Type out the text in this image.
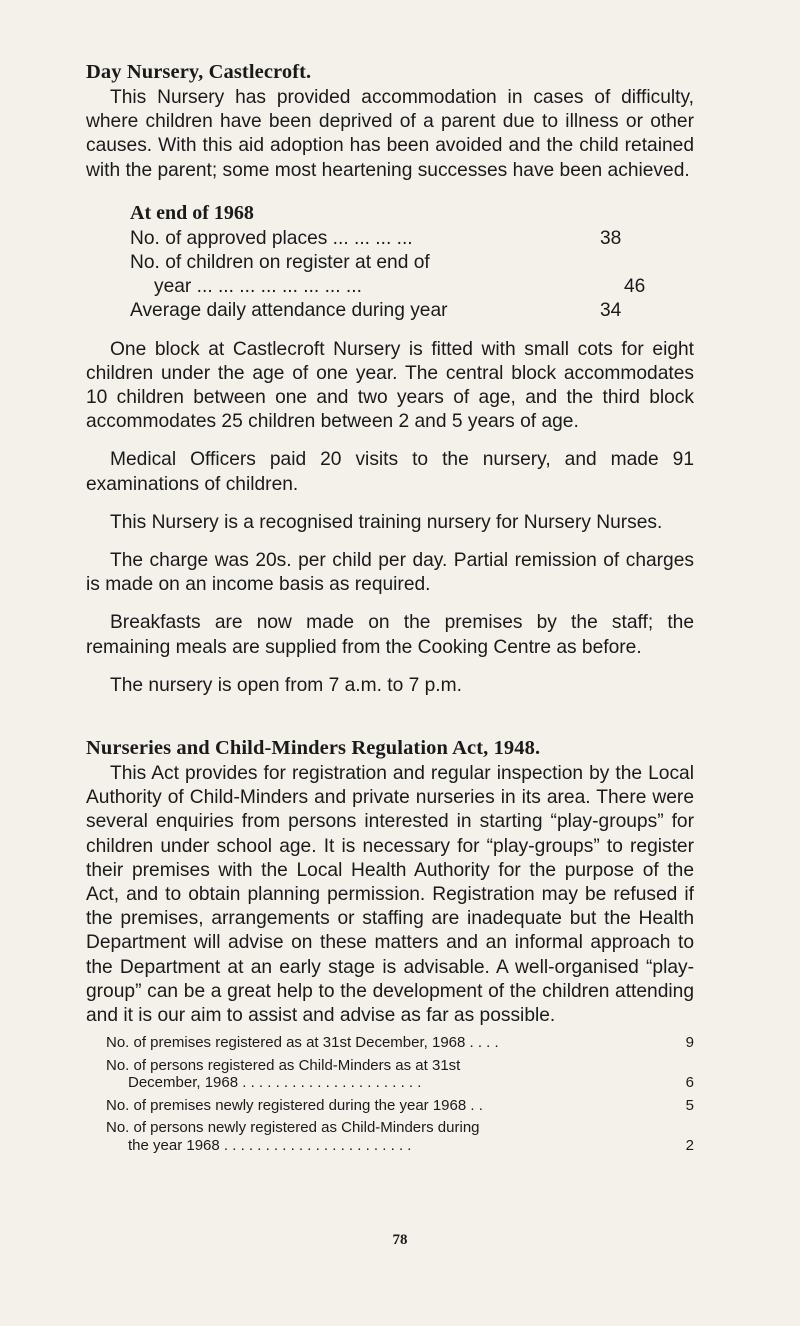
Day Nursery, Castlecroft.

This Nursery has provided accommodation in cases of difficulty, where children have been deprived of a parent due to illness or other causes. With this aid adoption has been avoided and the child retained with the parent; some most heartening successes have been achieved.

At end of 1968
No. of approved places ... ... ... ...	38
No. of children on register at end of
year ... ... ... ... ... ... ... ...	46
Average daily attendance during year	34

One block at Castlecroft Nursery is fitted with small cots for eight children under the age of one year. The central block accommodates 10 children between one and two years of age, and the third block accommodates 25 children between 2 and 5 years of age.

Medical Officers paid 20 visits to the nursery, and made 91 examinations of children.

This Nursery is a recognised training nursery for Nursery Nurses.

The charge was 20s. per child per day. Partial remission of charges is made on an income basis as required.

Breakfasts are now made on the premises by the staff; the remaining meals are supplied from the Cooking Centre as before.

The nursery is open from 7 a.m. to 7 p.m.

Nurseries and Child-Minders Regulation Act, 1948.

This Act provides for registration and regular inspection by the Local Authority of Child-Minders and private nurseries in its area. There were several enquiries from persons interested in starting “play-groups” for children under school age. It is necessary for “play-groups” to register their premises with the Local Health Authority for the purpose of the Act, and to obtain planning permission. Registration may be refused if the premises, arrangements or staffing are inadequate but the Health Department will advise on these matters and an informal approach to the Department at an early stage is advisable. A well-organised “play-group” can be a great help to the development of the children attending and it is our aim to assist and advise as far as possible.

No. of premises registered as at 31st December, 1968 . . . .	9
No. of persons registered as Child-Minders as at 31st
December, 1968 . . . . . . . . . . . . . . . . . . . . . .	6
No. of premises newly registered during the year 1968 . .	5
No. of persons newly registered as Child-Minders during
the year 1968 . . . . . . . . . . . . . . . . . . . . . . .	2
78
